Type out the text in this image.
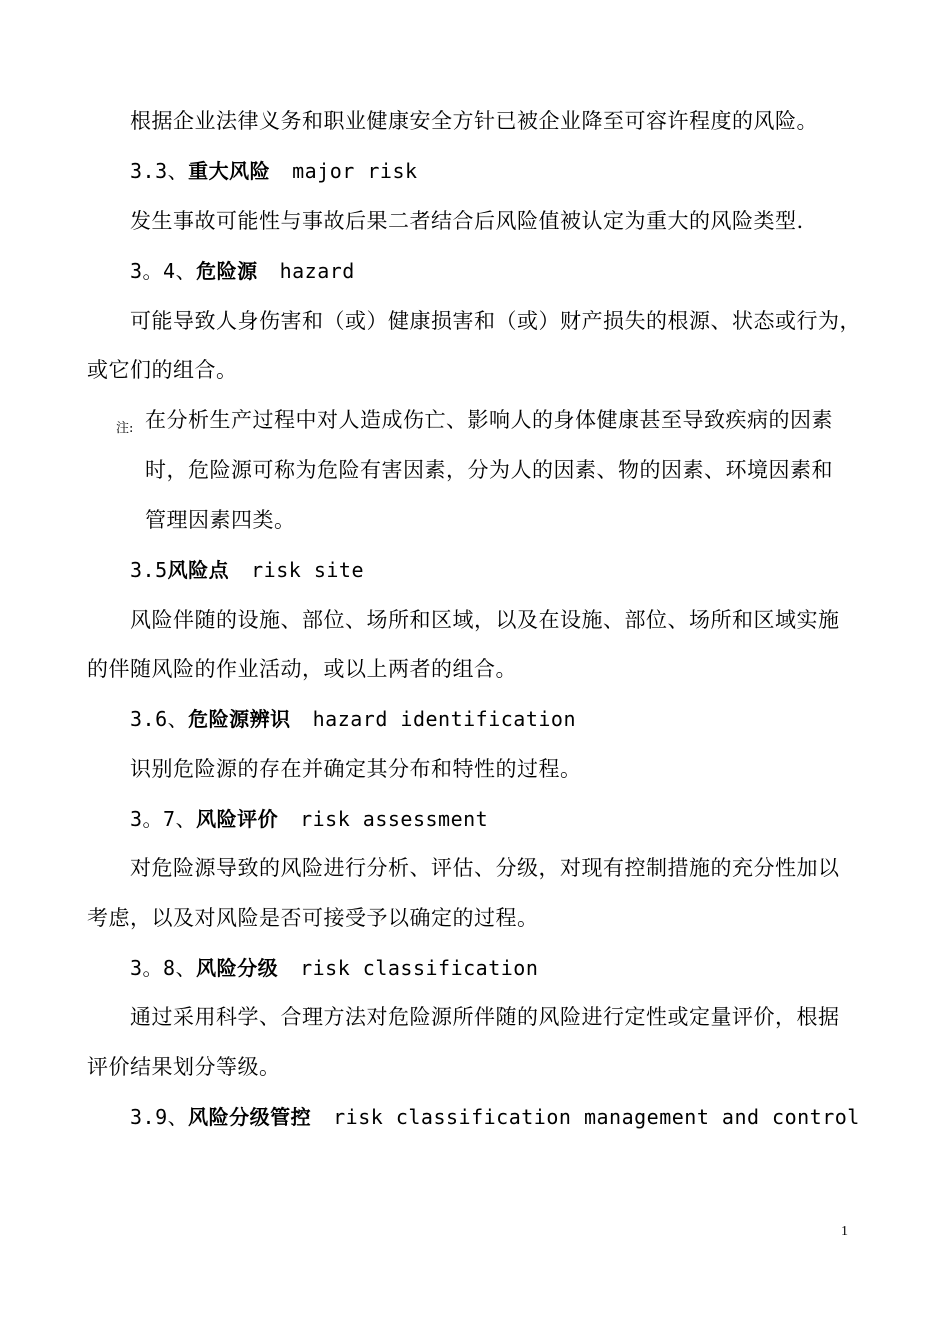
根据企业法律义务和职业健康安全方针已被企业降至可容许程度的风险。
3.3、重大风险 major risk
发生事故可能性与事故后果二者结合后风险值被认定为重大的风险类型.
3。4、危险源 hazard
可能导致人身伤害和（或）健康损害和（或）财产损失的根源、状态或行为，
或它们的组合。
注: 在分析生产过程中对人造成伤亡、影响人的身体健康甚至导致疾病的因素
时，危险源可称为危险有害因素，分为人的因素、物的因素、环境因素和
管理因素四类。
3.5风险点 risk site
风险伴随的设施、部位、场所和区域，以及在设施、部位、场所和区域实施
的伴随风险的作业活动，或以上两者的组合。
3.6、危险源辨识 hazard identification
识别危险源的存在并确定其分布和特性的过程。
3。7、风险评价 risk assessment
对危险源导致的风险进行分析、评估、分级，对现有控制措施的充分性加以
考虑，以及对风险是否可接受予以确定的过程。
3。8、风险分级 risk classification
通过采用科学、合理方法对危险源所伴随的风险进行定性或定量评价，根据
评价结果划分等级。
3.9、风险分级管控 risk classification management and control
1
